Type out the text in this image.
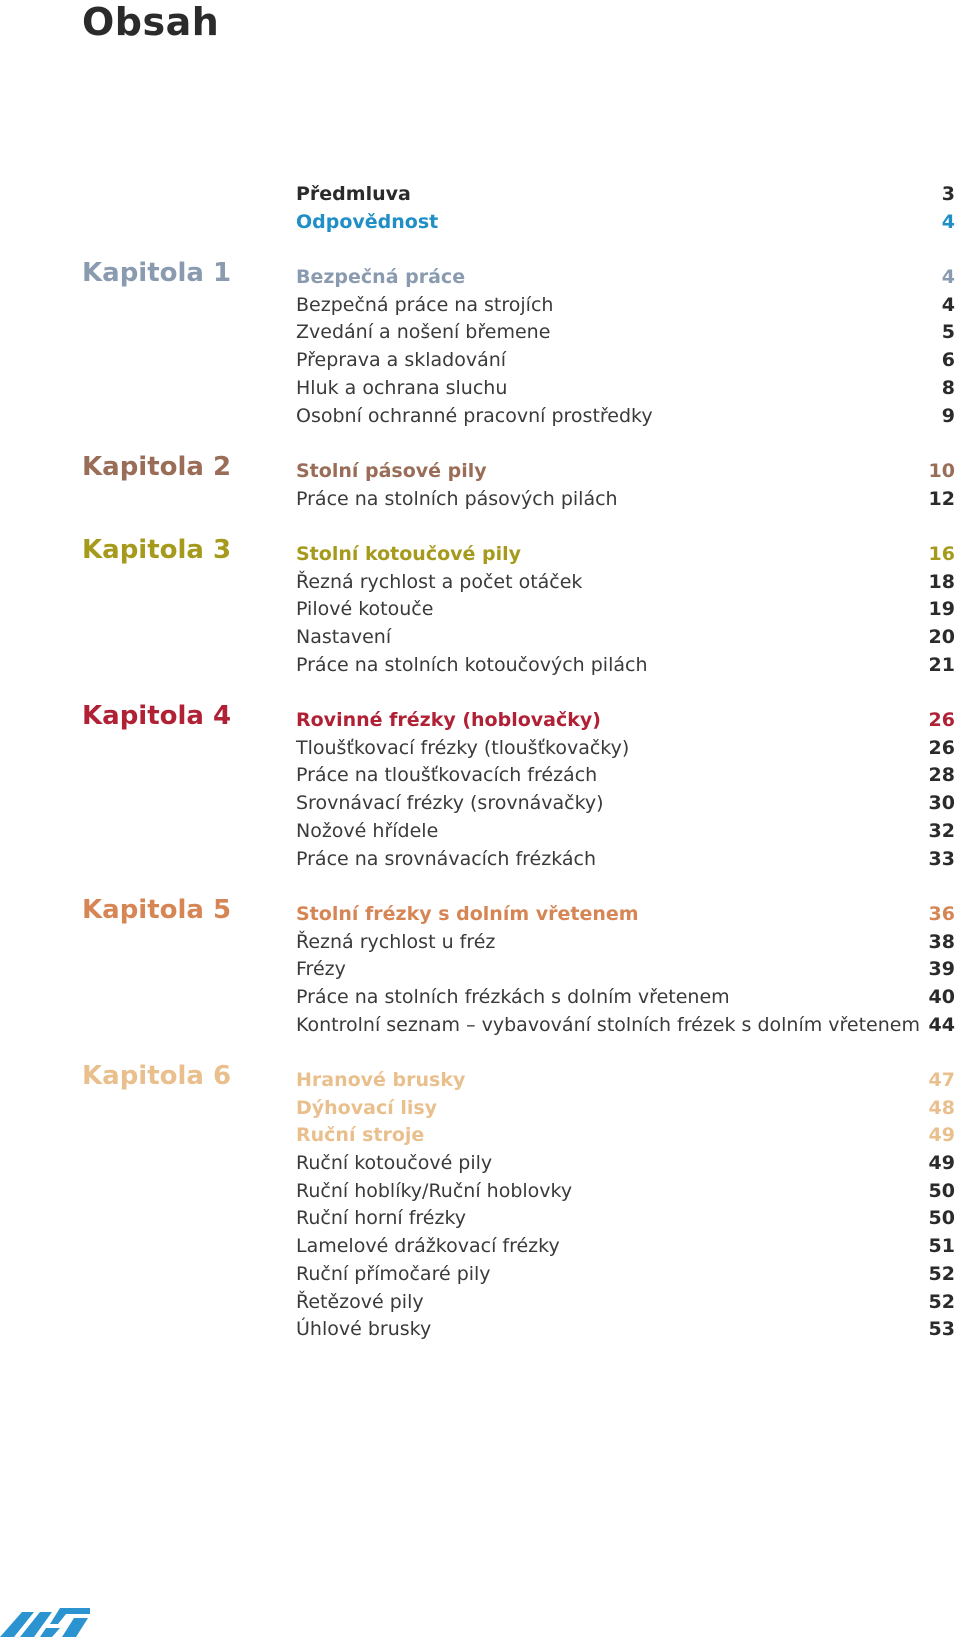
Obsah
Předmluva	3
Odpovědnost	4
Kapitola 1	Bezpečná práce	4
Bezpečná práce na strojích	4
Zvedání a nošení břemene	5
Přeprava a skladování	6
Hluk a ochrana sluchu	8
Osobní ochranné pracovní prostředky	9
Kapitola 2	Stolní pásové pily	10
Práce na stolních pásových pilách	12
Kapitola 3	Stolní kotoučové pily	16
Řezná rychlost a počet otáček	18
Pilové kotouče	19
Nastavení	20
Práce na stolních kotoučových pilách	21
Kapitola 4	Rovinné frézky (hoblovačky)	26
Tloušťkovací frézky (tloušťkovačky)	26
Práce na tloušťkovacích frézách	28
Srovnávací frézky (srovnávačky)	30
Nožové hřídele	32
Práce na srovnávacích frézkách	33
Kapitola 5	Stolní frézky s dolním vřetenem	36
Řezná rychlost u fréz	38
Frézy	39
Práce na stolních frézkách s dolním vřetenem	40
Kontrolní seznam – vybavování stolních frézek s dolním vřetenem 44
Kapitola 6	Hranové brusky	47
Dýhovací lisy	48
Ruční stroje	49
Ruční kotoučové pily	49
Ruční hoblíky/Ruční hoblovky	50
Ruční horní frézky	50
Lamelové drážkovací frézky	51
Ruční přímočaré pily	52
Řetězové pily	52
Úhlové brusky	53
